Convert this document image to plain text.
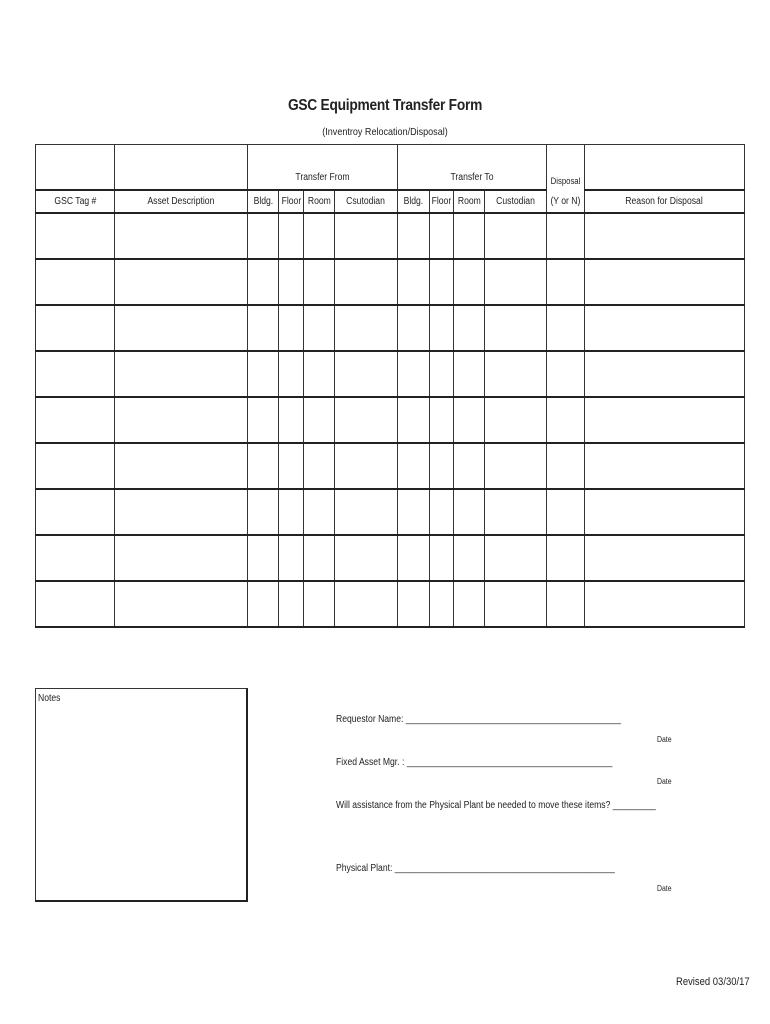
GSC Equipment Transfer Form
(Inventroy Relocation/Disposal)
		Transfer From				Transfer To				Disposal	

GSC Tag #	Asset Description	Bldg.	Floor	Room	Csutodian	Bldg.	Floor	Room	Custodian	(Y or N)	Reason for Disposal

Notes
Requestor Name: _____________________________________________
Date
Fixed Asset Mgr. : ___________________________________________
Date
Will assistance from the Physical Plant be needed to move these items? _________
Physical Plant: ______________________________________________
Date
Revised 03/30/17
